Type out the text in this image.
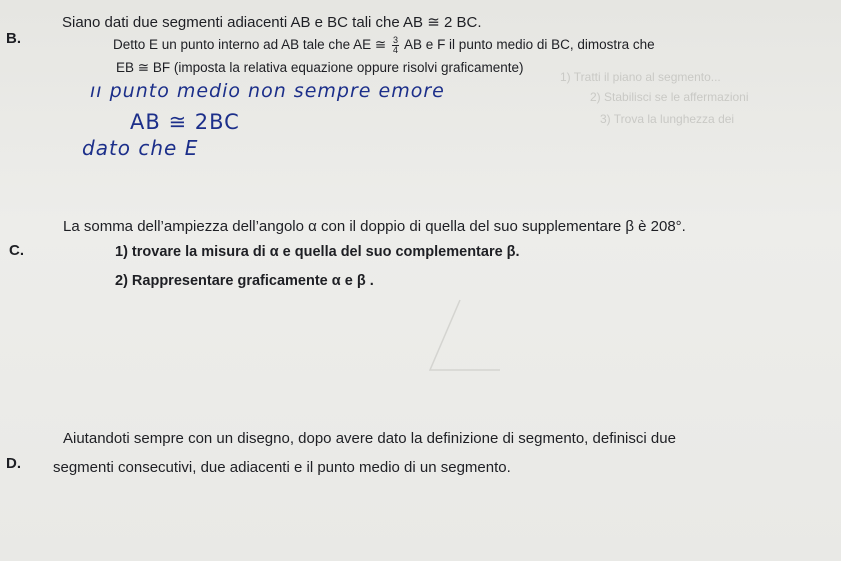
1) Tratti il piano al segmento...
2) Stabilisci se le affermazioni
3) Trova la lunghezza dei
B.
Siano dati due segmenti adiacenti AB e BC tali che AB ≅ 2 BC.
Detto E un punto interno ad AB tale che AE ≅ $\frac{3}{4}$ AB e F il punto medio di BC, dimostra che
EB ≅ BF (imposta la relativa equazione oppure risolvi graficamente)
ıı punto medio non sempre emore
AB ≅ 2BC
dato che E
C.
La somma dell’ampiezza dell’angolo α con il doppio di quella del suo supplementare β è 208°.
1) trovare la misura di α e quella del suo complementare β.
2) Rappresentare graficamente α e β .
D.
Aiutandoti sempre con un disegno, dopo avere dato la definizione di segmento, definisci due
segmenti consecutivi, due adiacenti e il punto medio di un segmento.
